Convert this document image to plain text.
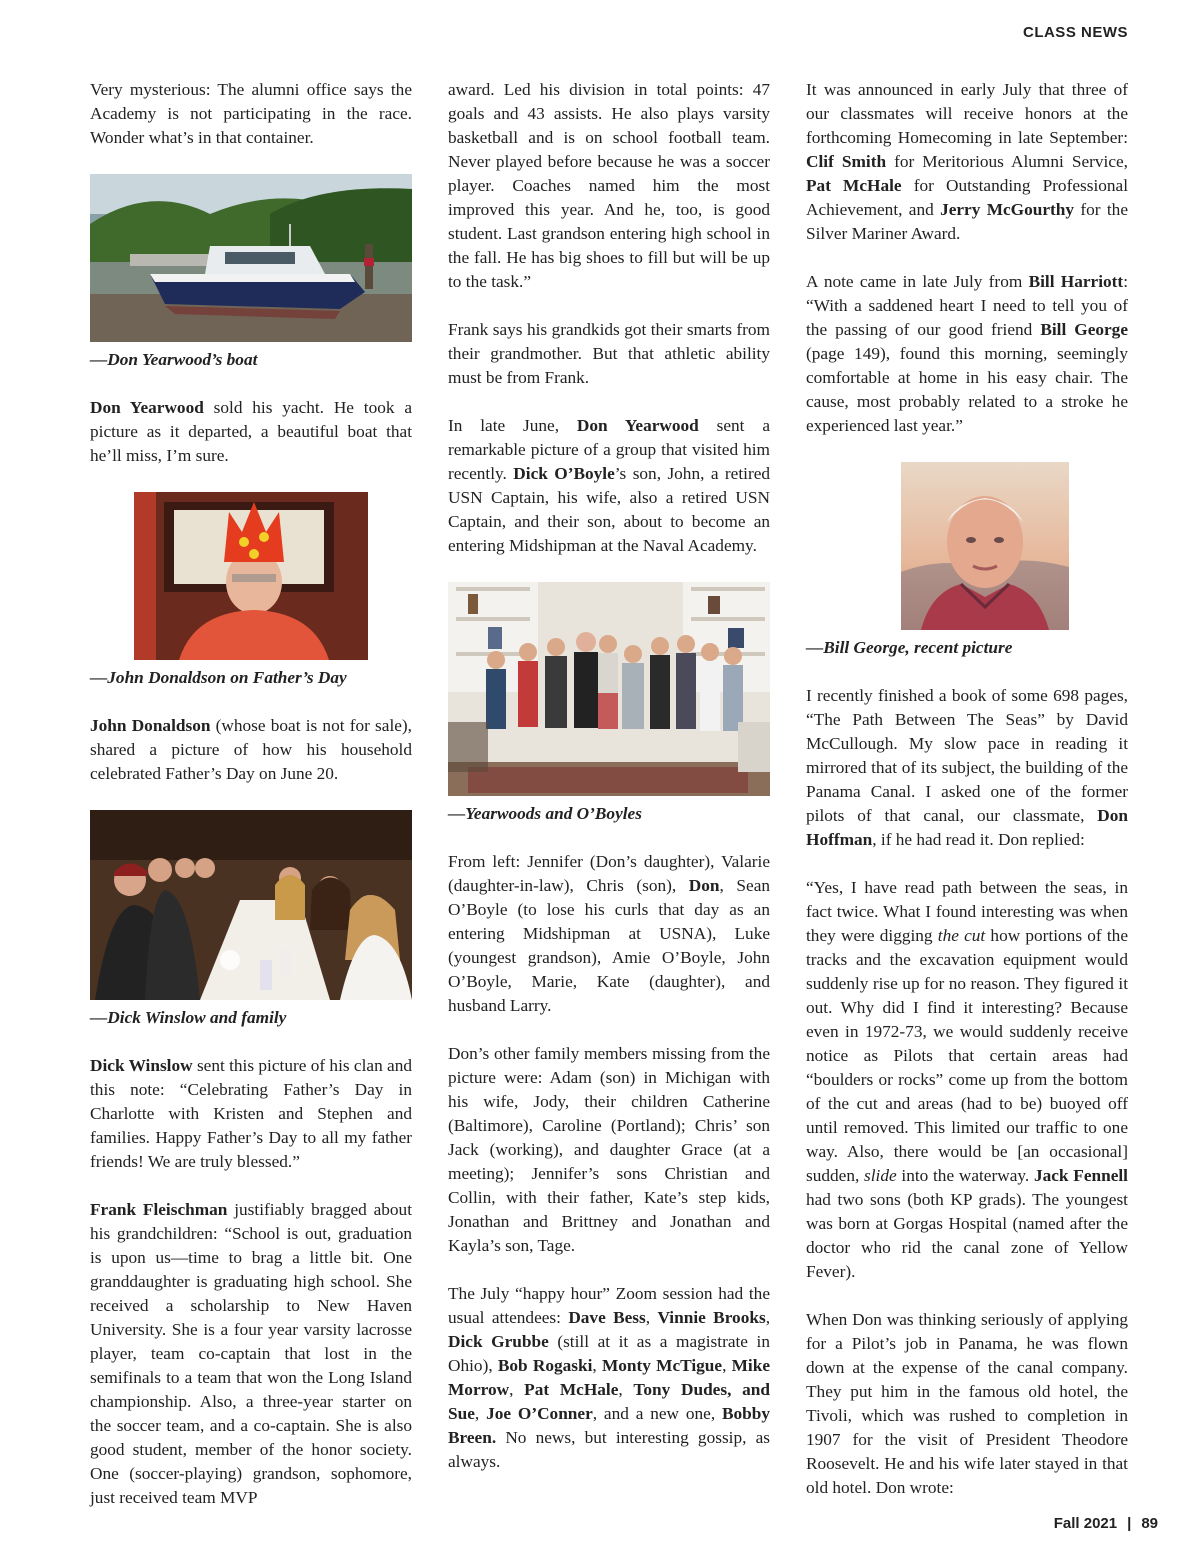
CLASS NEWS

Very mysterious: The alumni office says the Academy is not participating in the race. Wonder what’s in that container.

—Don Yearwood’s boat

Don Yearwood sold his yacht. He took a picture as it departed, a beautiful boat that he’ll miss, I’m sure.

—John Donaldson on Father’s Day

John Donaldson (whose boat is not for sale), shared a picture of how his household celebrated Father’s Day on June 20.

—Dick Winslow and family

Dick Winslow sent this picture of his clan and this note: “Celebrating Father’s Day in Charlotte with Kristen and Stephen and families. Happy Father’s Day to all my father friends! We are truly blessed.”

Frank Fleischman justifiably bragged about his grandchildren: “School is out, graduation is upon us—time to brag a little bit. One granddaughter is graduating high school. She received a scholarship to New Haven University. She is a four year varsity lacrosse player, team co-captain that lost in the semifinals to a team that won the Long Island championship. Also, a three-year starter on the soccer team, and a co-captain. She is also good student, member of the honor society. One (soccer-playing) grandson, sophomore, just received team MVP

award. Led his division in total points: 47 goals and 43 assists. He also plays varsity basketball and is on school football team. Never played before because he was a soccer player. Coaches named him the most improved this year. And he, too, is good student. Last grandson entering high school in the fall. He has big shoes to fill but will be up to the task.”

Frank says his grandkids got their smarts from their grandmother. But that athletic ability must be from Frank.

In late June, Don Yearwood sent a remarkable picture of a group that visited him recently. Dick O’Boyle’s son, John, a retired USN Captain, his wife, also a retired USN Captain, and their son, about to become an entering Midshipman at the Naval Academy.

—Yearwoods and O’Boyles

From left: Jennifer (Don’s daughter), Valarie (daughter-in-law), Chris (son), Don, Sean O’Boyle (to lose his curls that day as an entering Midshipman at USNA), Luke (youngest grandson), Amie O’Boyle, John O’Boyle, Marie, Kate (daughter), and husband Larry.

Don’s other family members missing from the picture were: Adam (son) in Michigan with his wife, Jody, their children Catherine (Baltimore), Caroline (Portland); Chris’ son Jack (working), and daughter Grace (at a meeting); Jennifer’s sons Christian and Collin, with their father, Kate’s step kids, Jonathan and Brittney and Jonathan and Kayla’s son, Tage.

The July “happy hour” Zoom session had the usual attendees: Dave Bess, Vinnie Brooks, Dick Grubbe (still at it as a magistrate in Ohio), Bob Rogaski, Monty McTigue, Mike Morrow, Pat McHale, Tony Dudes, and Sue, Joe O’Conner, and a new one, Bobby Breen. No news, but interesting gossip, as always.

It was announced in early July that three of our classmates will receive honors at the forthcoming Homecoming in late September: Clif Smith for Meritorious Alumni Service, Pat McHale for Outstanding Professional Achievement, and Jerry McGourthy for the Silver Mariner Award.

A note came in late July from Bill Harriott: “With a saddened heart I need to tell you of the passing of our good friend Bill George (page 149), found this morning, seemingly comfortable at home in his easy chair. The cause, most probably related to a stroke he experienced last year.”

—Bill George, recent picture

I recently finished a book of some 698 pages, “The Path Between The Seas” by David McCullough. My slow pace in reading it mirrored that of its subject, the building of the Panama Canal. I asked one of the former pilots of that canal, our classmate, Don Hoffman, if he had read it. Don replied:

“Yes, I have read path between the seas, in fact twice. What I found interesting was when they were digging the cut how portions of the tracks and the excavation equipment would suddenly rise up for no reason. They figured it out. Why did I find it interesting? Because even in 1972-73, we would suddenly receive notice as Pilots that certain areas had “boulders or rocks” come up from the bottom of the cut and areas (had to be) buoyed off until removed. This limited our traffic to one way. Also, there would be [an occasional] sudden, slide into the waterway. Jack Fennell had two sons (both KP grads). The youngest was born at Gorgas Hospital (named after the doctor who rid the canal zone of Yellow Fever).

When Don was thinking seriously of applying for a Pilot’s job in Panama, he was flown down at the expense of the canal company. They put him in the famous old hotel, the Tivoli, which was rushed to completion in 1907 for the visit of President Theodore Roosevelt. He and his wife later stayed in that old hotel. Don wrote:

Fall 2021 | 89
